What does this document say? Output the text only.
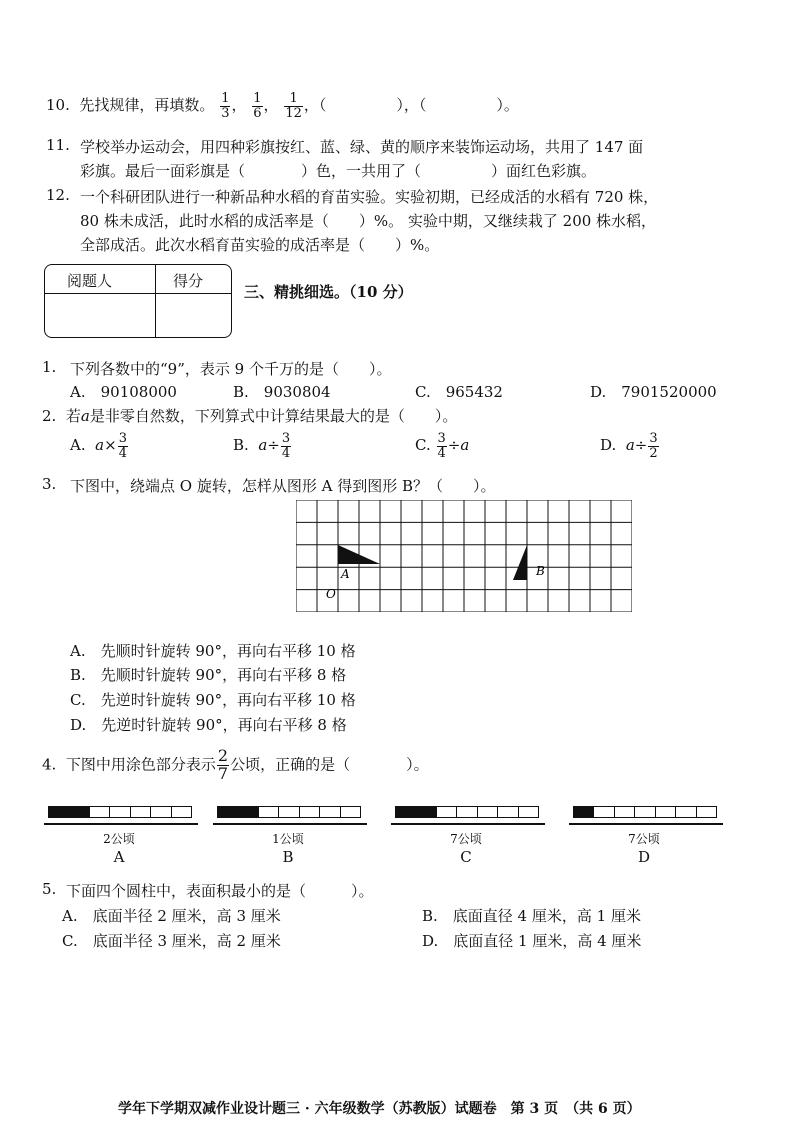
10. 先找规律，再填数。 $\frac{1}{3}$ ， $\frac{1}{6}$ ， $\frac{1}{12}$ ，（	），（	）。
11. 学校举办运动会，用四种彩旗按红、蓝、绿、黄的顺序来装饰运动场，共用了 147 面
彩旗。最后一面彩旗是（	）色，一共用了（	）面红色彩旗。
12. 一个科研团队进行一种新品种水稻的育苗实验。实验初期，已经成活的水稻有 720 株，
80 株未成活，此时水稻的成活率是（　　）%。 实验中期，又继续栽了 200 株水稻，
全部成活。此次水稻育苗实验的成活率是（　　）%。
阅题人	得分
三、精挑细选。（10 分）
1. 下列各数中的“9”，表示 9 个千万的是（　　）。
A.　90108000	B.　9030804	C.　965432	D.　7901520000
2. 若a是非零自然数，下列算式中计算结果最大的是（　　）。
A. $a\times \frac{3}{4}$	B. $a\div \frac{3}{4}$	C. $\frac{3}{4} \div a$	D. $a\div \frac{3}{2}$
3. 下图中，绕端点 O 旋转，怎样从图形 A 得到图形 B？（　　）。
A	B
O
A.　先顺时针旋转 90°，再向右平移 10 格
B.　先顺时针旋转 90°，再向右平移 8 格
C.　先逆时针旋转 90°，再向右平移 10 格
D.　先逆时针旋转 90°，再向右平移 8 格
4. 下图中用涂色部分表示 $\frac{2}{7}$ 公顷，正确的是（	）。
2公顷
A
1公顷
B
7公顷
C
7公顷
D
5. 下面四个圆柱中，表面积最小的是（　　　）。
A.　底面半径 2 厘米，高 3 厘米	B.　底面直径 4 厘米，高 1 厘米
C.　底面半径 3 厘米，高 2 厘米	D.　底面直径 1 厘米，高 4 厘米
学年下学期双减作业设计题三 · 六年级数学（苏教版）试题卷　第 3 页　（共 6 页）
